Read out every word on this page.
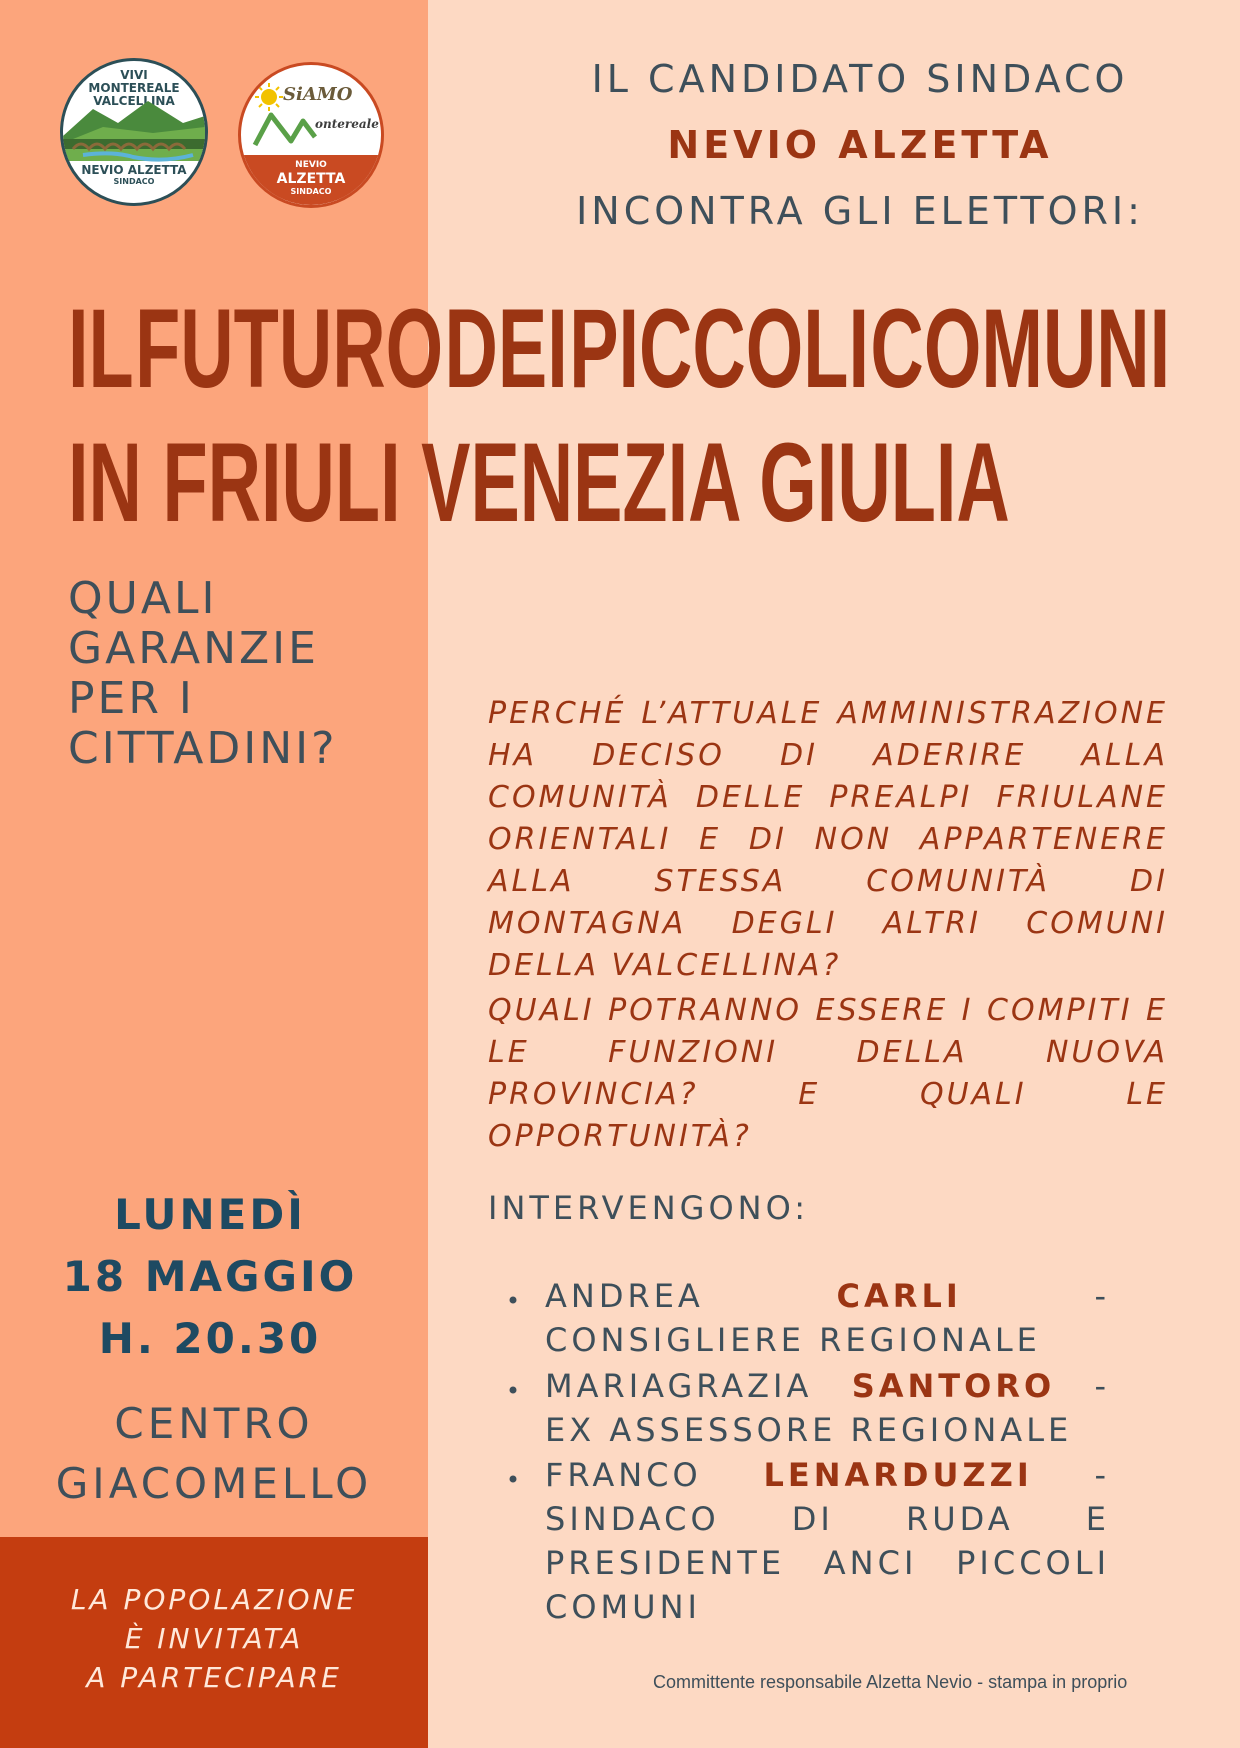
VIVI
MONTEREALE
VALCELLINA
NEVIO ALZETTA
SINDACO
SiAMO
ontereale
NEVIO
ALZETTA
SINDACO
IL CANDIDATO SINDACO
NEVIO ALZETTA
INCONTRA GLI ELETTORI:
IL FUTURO DEI PICCOLI COMUNI
IN FRIULI VENEZIA GIULIA
QUALI
GARANZIE
PER I
CITTADINI?
PERCHÉ L’ATTUALE AMMINISTRAZIONE HA DECISO DI ADERIRE ALLA COMUNITÀ DELLE PREALPI FRIULANE ORIENTALI E DI NON APPARTENERE ALLA STESSA COMUNITÀ DI MONTAGNA DEGLI ALTRI COMUNI DELLA VALCELLINA?
QUALI POTRANNO ESSERE I COMPITI E LE FUNZIONI DELLA NUOVA PROVINCIA? E QUALI LE OPPORTUNITÀ?
LUNEDÌ
18 MAGGIO
H. 20.30
CENTRO
GIACOMELLO
LA POPOLAZIONE
È INVITATA
A PARTECIPARE
INTERVENGONO:
ANDREA	CARLI	- CONSIGLIERE REGIONALE
MARIAGRAZIA SANTORO - EX ASSESSORE REGIONALE
FRANCO LENARDUZZI - SINDACO DI RUDA E PRESIDENTE ANCI PICCOLI COMUNI
Committente responsabile Alzetta Nevio - stampa in proprio
